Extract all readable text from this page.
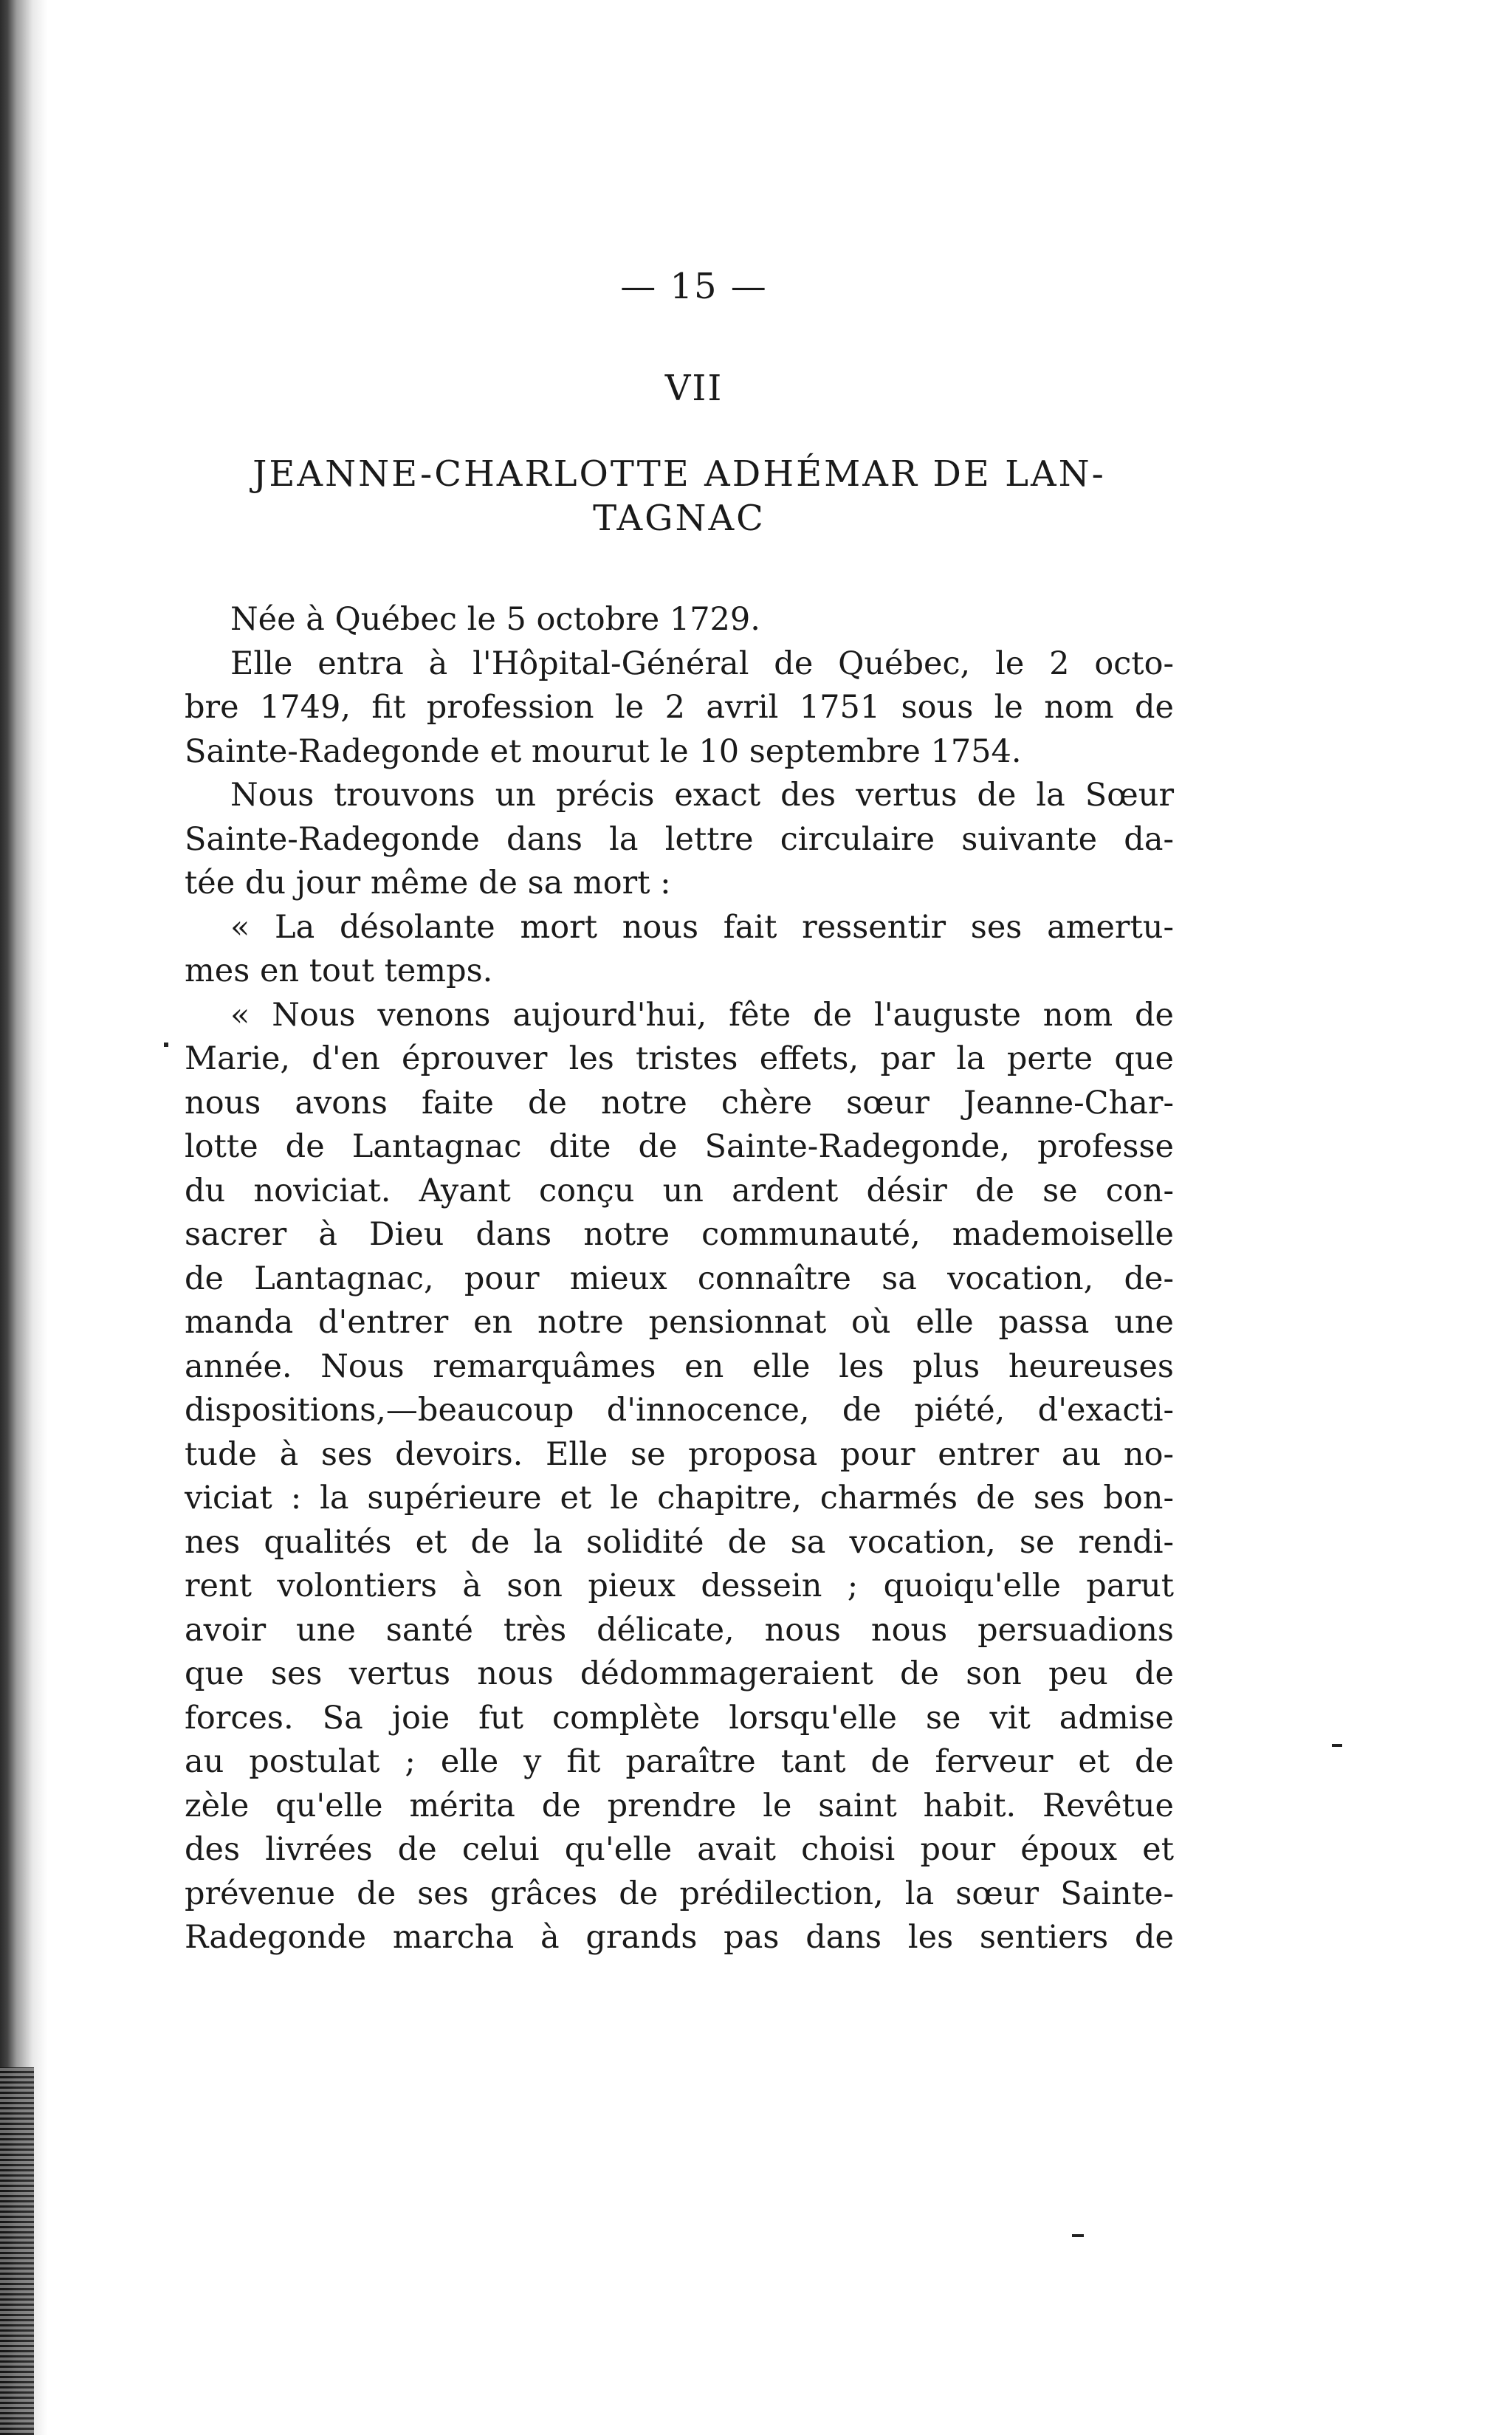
— 15 —
VII
JEANNE-CHARLOTTE ADHÉMAR DE LAN-
TAGNAC
Née à Québec le 5 octobre 1729.
Elle entra à l'Hôpital-Général de Québec, le 2 octo-
bre 1749, fit profession le 2 avril 1751 sous le nom de
Sainte-Radegonde et mourut le 10 septembre 1754.
Nous trouvons un précis exact des vertus de la Sœur
Sainte-Radegonde dans la lettre circulaire suivante da-
tée du jour même de sa mort :
« La désolante mort nous fait ressentir ses amertu-
mes en tout temps.
« Nous venons aujourd'hui, fête de l'auguste nom de
Marie, d'en éprouver les tristes effets, par la perte que
nous avons faite de notre chère sœur Jeanne-Char-
lotte de Lantagnac dite de Sainte-Radegonde, professe
du noviciat. Ayant conçu un ardent désir de se con-
sacrer à Dieu dans notre communauté, mademoiselle
de Lantagnac, pour mieux connaître sa vocation, de-
manda d'entrer en notre pensionnat où elle passa une
année. Nous remarquâmes en elle les plus heureuses
dispositions,—beaucoup d'innocence, de piété, d'exacti-
tude à ses devoirs. Elle se proposa pour entrer au no-
viciat : la supérieure et le chapitre, charmés de ses bon-
nes qualités et de la solidité de sa vocation, se rendi-
rent volontiers à son pieux dessein ; quoiqu'elle parut
avoir une santé très délicate, nous nous persuadions
que ses vertus nous dédommageraient de son peu de
forces. Sa joie fut complète lorsqu'elle se vit admise
au postulat ; elle y fit paraître tant de ferveur et de
zèle qu'elle mérita de prendre le saint habit. Revêtue
des livrées de celui qu'elle avait choisi pour époux et
prévenue de ses grâces de prédilection, la sœur Sainte-
Radegonde marcha à grands pas dans les sentiers de
